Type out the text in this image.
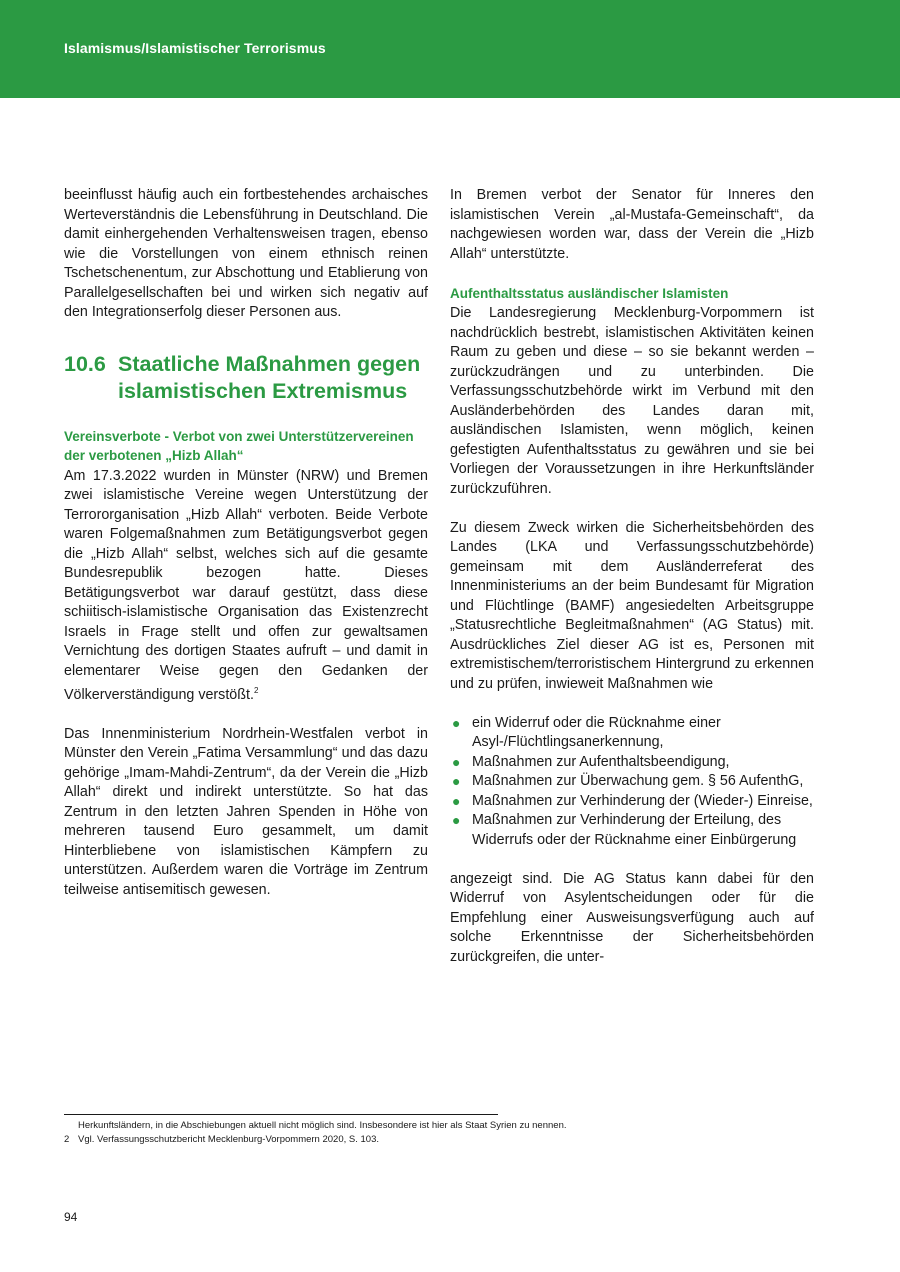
Islamismus/Islamistischer Terrorismus

beeinflusst häufig auch ein fortbestehendes archaisches Werteverständnis die Lebensführung in Deutschland. Die damit einhergehenden Verhaltensweisen tragen, ebenso wie die Vorstellungen von einem ethnisch reinen Tschetschenentum, zur Abschottung und Etablierung von Parallelgesellschaften bei und wirken sich negativ auf den Integrationserfolg dieser Personen aus.

10.6 Staatliche Maßnahmen gegen islamistischen Extremismus
Vereinsverbote - Verbot von zwei Unterstützervereinen der verbotenen „Hizb Allah“

Am 17.3.2022 wurden in Münster (NRW) und Bremen zwei islamistische Vereine wegen Unterstützung der Terrororganisation „Hizb Allah“ verboten. Beide Verbote waren Folgemaßnahmen zum Betätigungsverbot gegen die „Hizb Allah“ selbst, welches sich auf die gesamte Bundesrepublik bezogen hatte. Dieses Betätigungsverbot war darauf gestützt, dass diese schiitisch-islamistische Organisation das Existenzrecht Israels in Frage stellt und offen zur gewaltsamen Vernichtung des dortigen Staates aufruft – und damit in elementarer Weise gegen den Gedanken der Völkerverständigung verstößt.$^2$

Das Innenministerium Nordrhein-Westfalen verbot in Münster den Verein „Fatima Versammlung“ und das dazu gehörige „Imam-Mahdi-Zentrum“, da der Verein die „Hizb Allah“ direkt und indirekt unterstützte. So hat das Zentrum in den letzten Jahren Spenden in Höhe von mehreren tausend Euro gesammelt, um damit Hinterbliebene von islamistischen Kämpfern zu unterstützen. Außerdem waren die Vorträge im Zentrum teilweise antisemitisch gewesen.

In Bremen verbot der Senator für Inneres den islamistischen Verein „al-Mustafa-Gemeinschaft“, da nachgewiesen worden war, dass der Verein die „Hizb Allah“ unterstützte.

Aufenthaltsstatus ausländischer Islamisten

Die Landesregierung Mecklenburg-Vorpommern ist nachdrücklich bestrebt, islamistischen Aktivitäten keinen Raum zu geben und diese – so sie bekannt werden – zurückzudrängen und zu unterbinden. Die Verfassungsschutzbehörde wirkt im Verbund mit den Ausländerbehörden des Landes daran mit, ausländischen Islamisten, wenn möglich, keinen gefestigten Aufenthaltsstatus zu gewähren und sie bei Vorliegen der Voraussetzungen in ihre Herkunftsländer zurückzuführen.

Zu diesem Zweck wirken die Sicherheitsbehörden des Landes (LKA und Verfassungsschutzbehörde) gemeinsam mit dem Ausländerreferat des Innenministeriums an der beim Bundesamt für Migration und Flüchtlinge (BAMF) angesiedelten Arbeitsgruppe „Statusrechtliche Begleitmaßnahmen“ (AG Status) mit. Ausdrückliches Ziel dieser AG ist es, Personen mit extremistischem/terroristischem Hintergrund zu erkennen und zu prüfen, inwieweit Maßnahmen wie

● ein Widerruf oder die Rücknahme einer Asyl-/Flüchtlingsanerkennung,
● Maßnahmen zur Aufenthaltsbeendigung,
● Maßnahmen zur Überwachung gem. § 56 AufenthG,
● Maßnahmen zur Verhinderung der (Wieder-) Einreise,
● Maßnahmen zur Verhinderung der Erteilung, des Widerrufs oder der Rücknahme einer Einbürgerung

angezeigt sind. Die AG Status kann dabei für den Widerruf von Asylentscheidungen oder für die Empfehlung einer Ausweisungsverfügung auch auf solche Erkenntnisse der Sicherheitsbehörden zurückgreifen, die unter-

Herkunftsländern, in die Abschiebungen aktuell nicht möglich sind. Insbesondere ist hier als Staat Syrien zu nennen.
2 Vgl. Verfassungsschutzbericht Mecklenburg-Vorpommern 2020, S. 103.
94
